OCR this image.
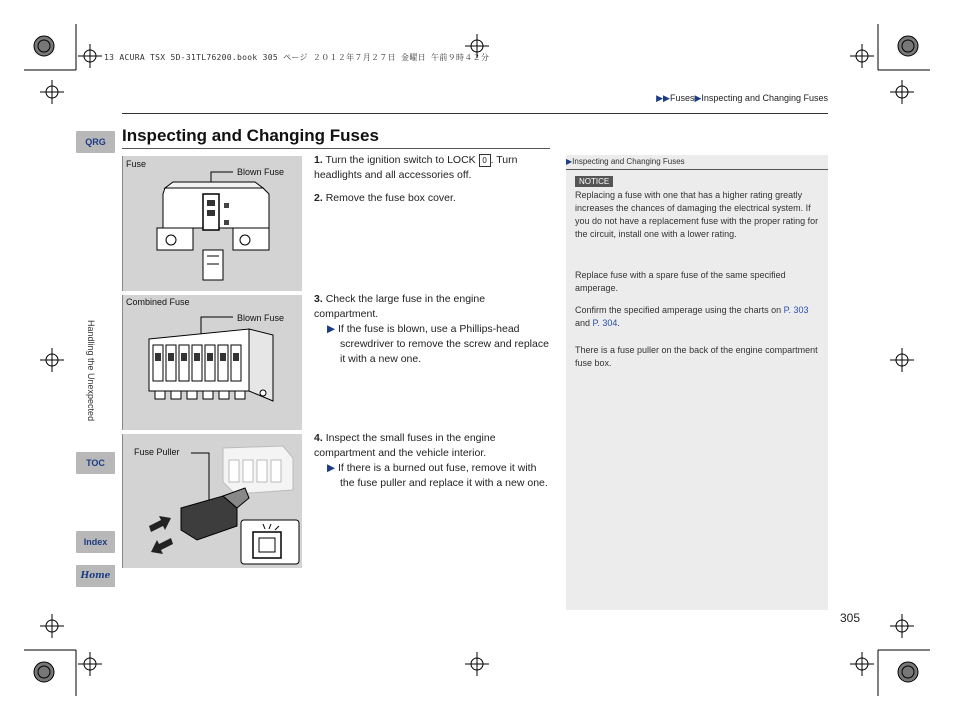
13 ACURA TSX 5D-31TL76200.book 305 ページ ２０１２年７月２７日 金曜日 午前９時４２分
▶▶Fuses▶Inspecting and Changing Fuses
QRG
Handling the Unexpected
TOC
Index
Home
Inspecting and Changing Fuses
Fuse
Blown Fuse
Combined Fuse
Blown Fuse
Fuse Puller
1. Turn the ignition switch to LOCK 0 . Turn headlights and all accessories off.
2. Remove the fuse box cover.
3. Check the large fuse in the engine compartment.
▶ If the fuse is blown, use a Phillips-head screwdriver to remove the screw and replace it with a new one.
4. Inspect the small fuses in the engine compartment and the vehicle interior.
▶ If there is a burned out fuse, remove it with the fuse puller and replace it with a new one.
▶Inspecting and Changing Fuses
NOTICE
Replacing a fuse with one that has a higher rating greatly increases the chances of damaging the electrical system. If you do not have a replacement fuse with the proper rating for the circuit, install one with a lower rating.
Replace fuse with a spare fuse of the same specified amperage.
Confirm the specified amperage using the charts on P. 303 and P. 304.
There is a fuse puller on the back of the engine compartment fuse box.
305
